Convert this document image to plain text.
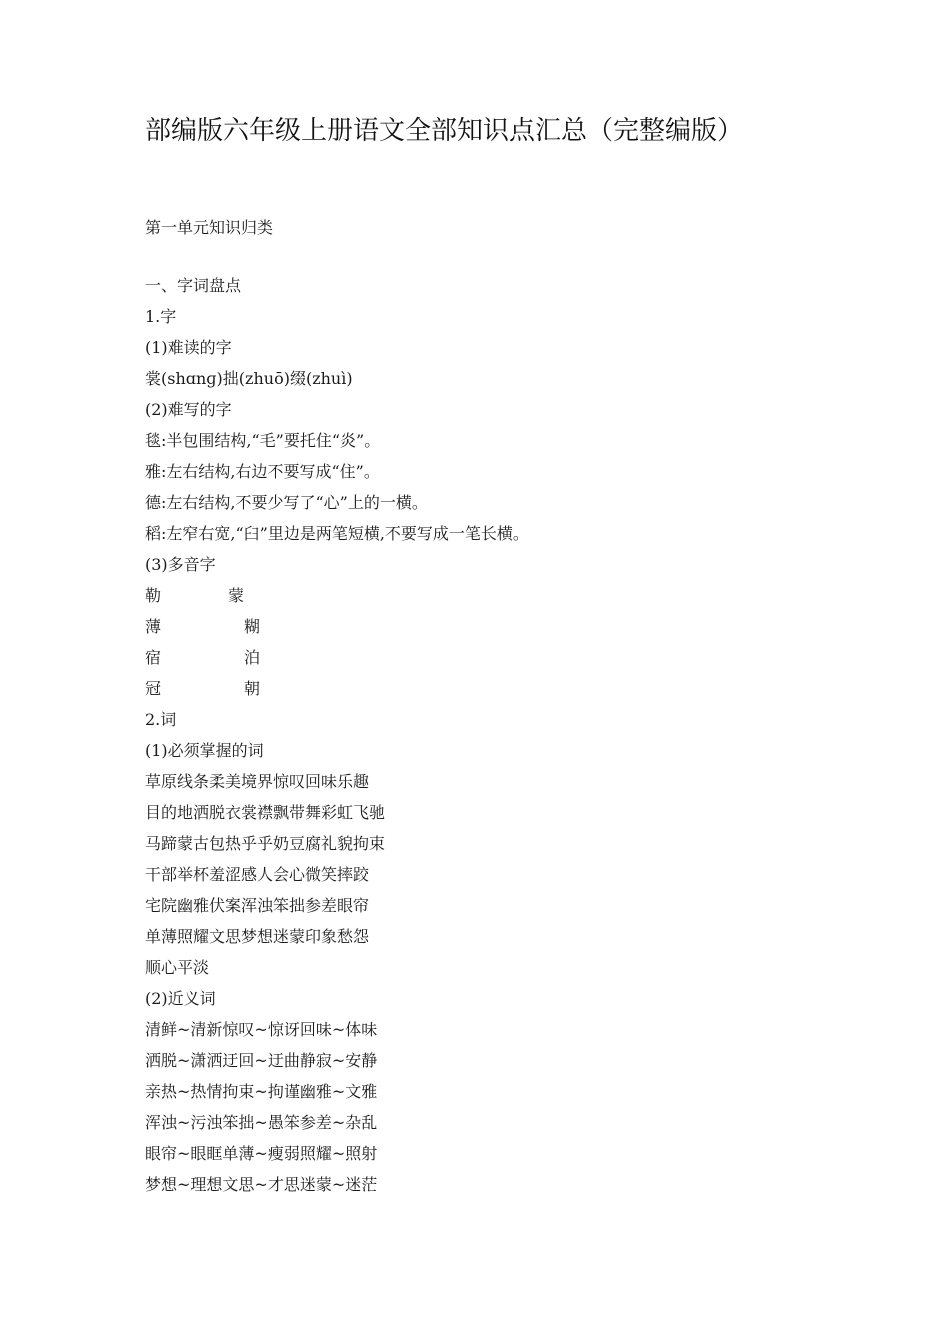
部编版六年级上册语文全部知识点汇总（完整编版）
第一单元知识归类
一、字词盘点
1.字
(1)难读的字
裳(shɑnɡ)拙(zhuō)缀(zhuì)
(2)难写的字
毯:半包围结构,“毛”要托住“炎”。
雅:左右结构,右边不要写成“住”。
德:左右结构,不要少写了“心”上的一横。
稻:左窄右宽,“臼”里边是两笔短横,不要写成一笔长横。
(3)多音字
勒	蒙
薄	糊
宿	泊
冠	朝
2.词
(1)必须掌握的词
草原线条柔美境界惊叹回味乐趣
目的地洒脱衣裳襟飘带舞彩虹飞驰
马蹄蒙古包热乎乎奶豆腐礼貌拘束
干部举杯羞涩感人会心微笑摔跤
宅院幽雅伏案浑浊笨拙参差眼帘
单薄照耀文思梦想迷蒙印象愁怨
顺心平淡
(2)近义词
清鲜~清新惊叹~惊讶回味~体味
洒脱~潇洒迂回~迂曲静寂~安静
亲热~热情拘束~拘谨幽雅~文雅
浑浊~污浊笨拙~愚笨参差~杂乱
眼帘~眼眶单薄~瘦弱照耀~照射
梦想~理想文思~才思迷蒙~迷茫
